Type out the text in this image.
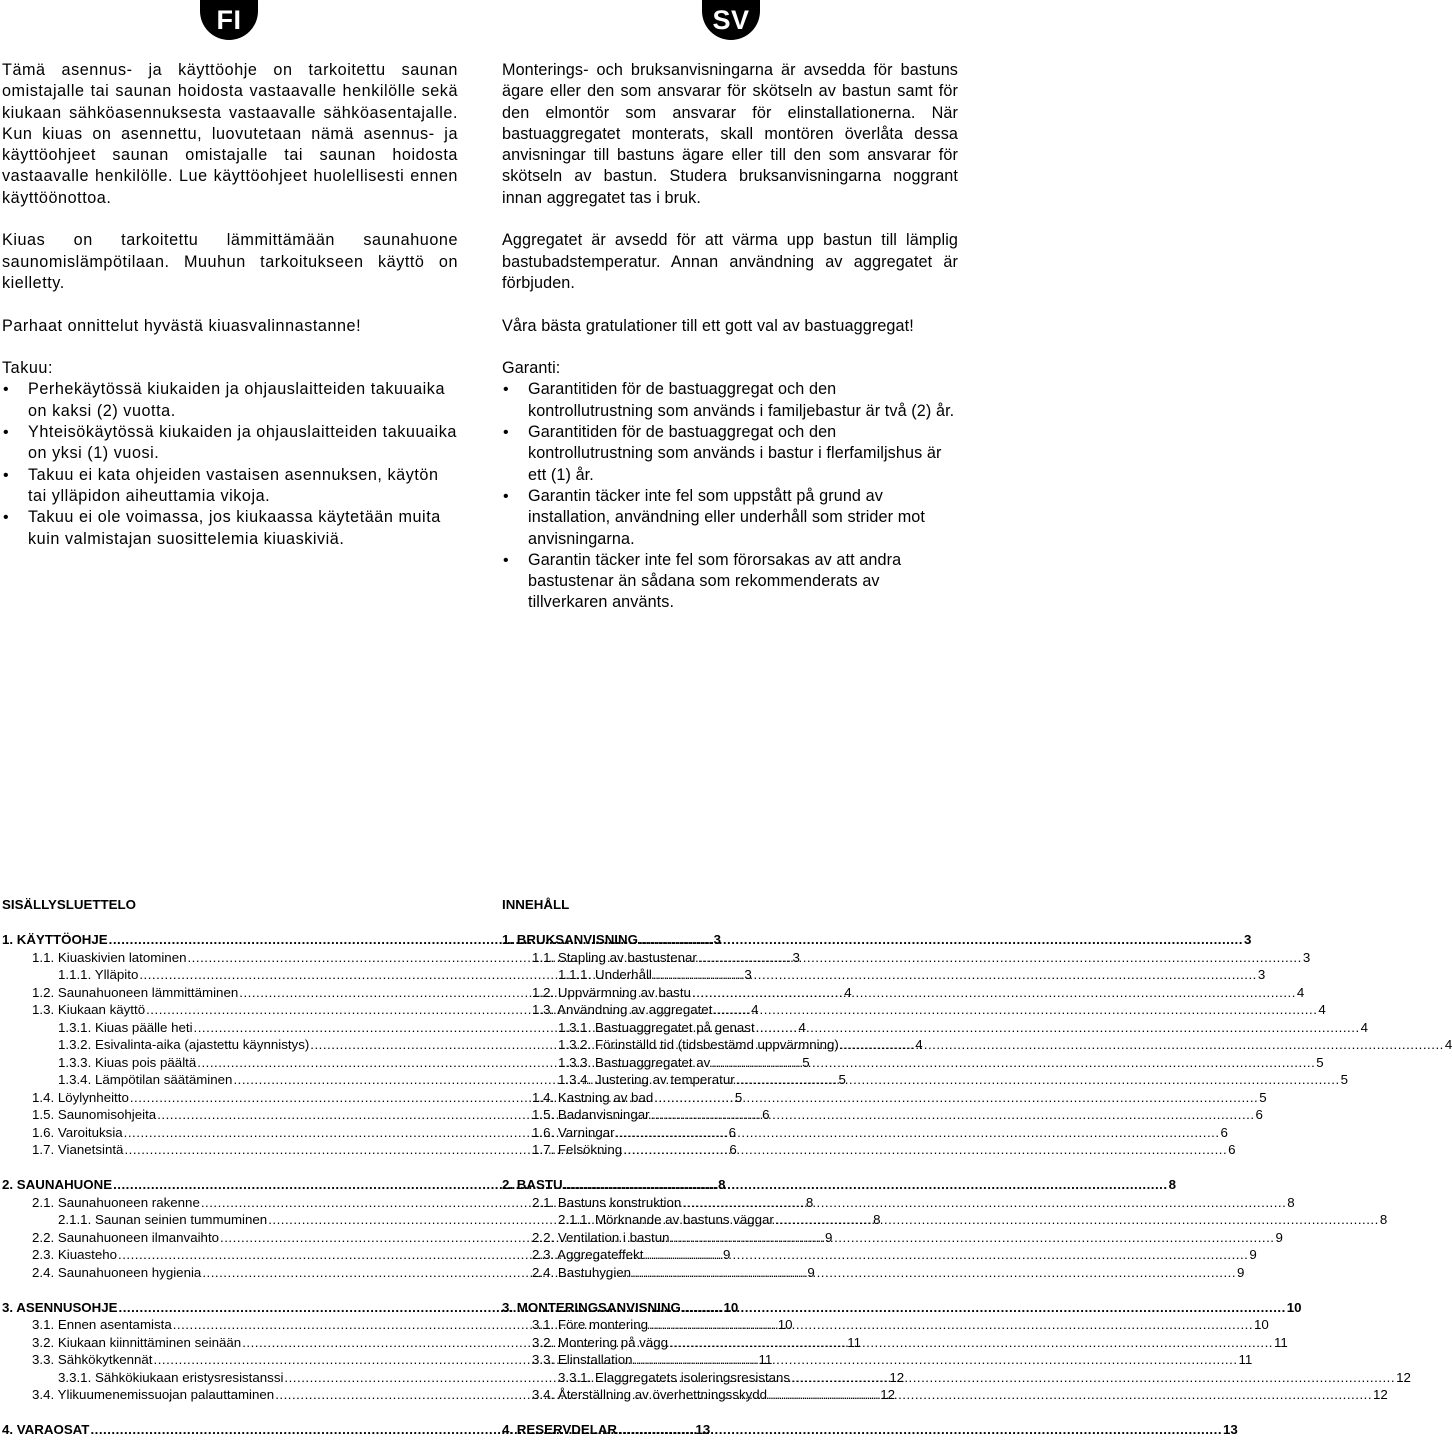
FI

Tämä asennus- ja käyttöohje on tarkoitettu saunan omistajalle tai saunan hoidosta vastaavalle henkilölle sekä kiukaan sähköasennuksesta vastaavalle sähköasentajalle. Kun kiuas on asennettu, luovutetaan nämä asennus- ja käyttöohjeet saunan omistajalle tai saunan hoidosta vastaavalle henkilölle. Lue käyttöohjeet huolellisesti ennen käyttöönottoa.

Kiuas on tarkoitettu lämmittämään saunahuone saunomislämpötilaan. Muuhun tarkoitukseen käyttö on kielletty.

Parhaat onnittelut hyvästä kiuasvalinnastanne!

Takuu:

• Perhekäytössä kiukaiden ja ohjauslaitteiden takuuaika on kaksi (2) vuotta.
• Yhteisökäytössä kiukaiden ja ohjauslaitteiden takuuaika on yksi (1) vuosi.
• Takuu ei kata ohjeiden vastaisen asennuksen, käytön tai ylläpidon aiheuttamia vikoja.
• Takuu ei ole voimassa, jos kiukaassa käytetään muita kuin valmistajan suosittelemia kiuaskiviä.
SV

Monterings- och bruksanvisningarna är avsedda för bastuns ägare eller den som ansvarar för skötseln av bastun samt för den elmontör som ansvarar för elinstallationerna. När bastuaggregatet monterats, skall montören överlåta dessa anvisningar till bastuns ägare eller till den som ansvarar för skötseln av bastun. Studera bruksanvisningarna noggrant innan aggregatet tas i bruk.

Aggregatet är avsedd för att värma upp bastun till lämplig bastubadstemperatur. Annan användning av aggregatet är förbjuden.

Våra bästa gratulationer till ett gott val av bastuaggregat!

Garanti:

• Garantitiden för de bastuaggregat och den kontrollutrustning som används i familjebastur är två (2) år.
• Garantitiden för de bastuaggregat och den kontrollutrustning som används i bastur i flerfamiljshus är ett (1) år.
• Garantin täcker inte fel som uppstått på grund av installation, användning eller underhåll som strider mot anvisningarna.
• Garantin täcker inte fel som förorsakas av att andra bastustenar än sådana som rekommenderats av tillverkaren använts.
SISÄLLYSLUETTELO
1. KÄYTTÖOHJE .....	3
1.1. Kiuaskivien latominen .....	3
1.1.1. Ylläpito .....	3
1.2. Saunahuoneen lämmittäminen .....	4
1.3. Kiukaan käyttö .....	4
1.3.1. Kiuas päälle heti .....	4
1.3.2. Esivalinta-aika (ajastettu käynnistys) .....	4
1.3.3. Kiuas pois päältä .....	5
1.3.4. Lämpötilan säätäminen .....	5
1.4. Löylynheitto .....	5
1.5. Saunomisohjeita .....	6
1.6. Varoituksia .....	6
1.7. Vianetsintä .....	6
2. SAUNAHUONE .....	8
2.1. Saunahuoneen rakenne .....	8
2.1.1. Saunan seinien tummuminen .....	8
2.2. Saunahuoneen ilmanvaihto .....	9
2.3. Kiuasteho .....	9
2.4. Saunahuoneen hygienia .....	9
3. ASENNUSOHJE .....	10
3.1. Ennen asentamista .....	10
3.2. Kiukaan kiinnittäminen seinään .....	11
3.3. Sähkökytkennät .....	11
3.3.1. Sähkökiukaan eristysresistanssi .....	12
3.4. Ylikuumenemissuojan palauttaminen .....	12
4. VARAOSAT .....	13
INNEHÅLL
1. BRUKSANVISNING .....	3
1.1. Stapling av bastustenar .....	3
1.1.1. Underhåll .....	3
1.2. Uppvärmning av bastu .....	4
1.3. Användning av aggregatet .....	4
1.3.1. Bastuaggregatet på genast .....	4
1.3.2. Förinställd tid (tidsbestämd uppvärmning) .....	4
1.3.3. Bastuaggregatet av .....	5
1.3.4. Justering av temperatur .....	5
1.4. Kastning av bad .....	5
1.5. Badanvisningar .....	6
1.6. Varningar .....	6
1.7. Felsökning .....	6
2. BASTU .....	8
2.1. Bastuns konstruktion .....	8
2.1.1. Mörknande av bastuns väggar .....	8
2.2. Ventilation i bastun .....	9
2.3. Aggregateffekt .....	9
2.4. Bastuhygien .....	9
3. MONTERINGSANVISNING .....	10
3.1. Före montering .....	10
3.2. Montering på vägg .....	11
3.3. Elinstallation .....	11
3.3.1. Elaggregatets isoleringsresistans .....	12
3.4. Återställning av överhettningsskydd .....	12
4. RESERVDELAR .....	13
